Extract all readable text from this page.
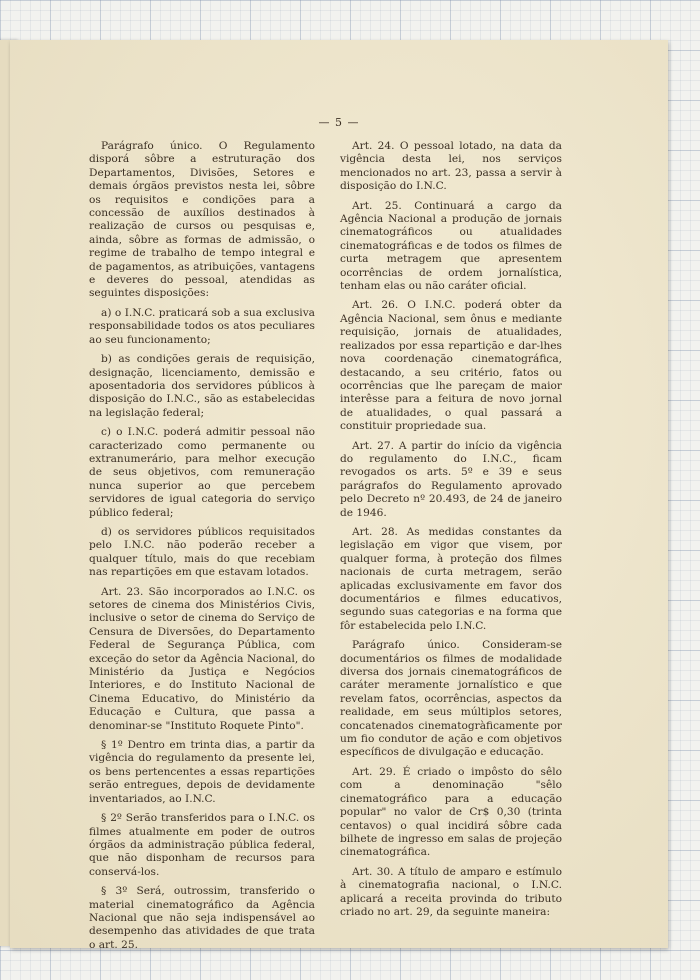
— 5 —

Parágrafo único. O Regulamento disporá sôbre a estruturação dos Departamentos, Divisões, Setores e demais órgãos previstos nesta lei, sôbre os requisitos e condições para a concessão de auxílios destinados à realização de cursos ou pesquisas e, ainda, sôbre as formas de admissão, o regime de trabalho de tempo integral e de pagamentos, as atribuições, vantagens e deveres do pessoal, atendidas as seguintes disposições:

a) o I.N.C. praticará sob a sua exclusiva responsabilidade todos os atos peculiares ao seu funcionamento;

b) as condições gerais de requisição, designação, licenciamento, demissão e aposentadoria dos servidores públicos à disposição do I.N.C., são as estabelecidas na legislação federal;

c) o I.N.C. poderá admitir pessoal não caracterizado como permanente ou extranumerário, para melhor execução de seus objetivos, com remuneração nunca superior ao que percebem servidores de igual categoria do serviço público federal;

d) os servidores públicos requisitados pelo I.N.C. não poderão receber a qualquer título, mais do que recebiam nas repartições em que estavam lotados.

Art. 23. São incorporados ao I.N.C. os setores de cinema dos Ministérios Civis, inclusive o setor de cinema do Serviço de Censura de Diversões, do Departamento Federal de Segurança Pública, com exceção do setor da Agência Nacional, do Ministério da Justiça e Negócios Interiores, e do Instituto Nacional de Cinema Educativo, do Ministério da Educação e Cultura, que passa a denominar-se "Instituto Roquete Pinto".

§ 1º Dentro em trinta dias, a partir da vigência do regulamento da presente lei, os bens pertencentes a essas repartições serão entregues, depois de devidamente inventariados, ao I.N.C.

§ 2º Serão transferidos para o I.N.C. os filmes atualmente em poder de outros órgãos da administração pública federal, que não disponham de recursos para conservá-los.

§ 3º Será, outrossim, transferido o material cinematográfico da Agência Nacional que não seja indispensável ao desempenho das atividades de que trata o art. 25.

Art. 24. O pessoal lotado, na data da vigência desta lei, nos serviços mencionados no art. 23, passa a servir à disposição do I.N.C.

Art. 25. Continuará a cargo da Agência Nacional a produção de jornais cinematográficos ou atualidades cinematográficas e de todos os filmes de curta metragem que apresentem ocorrências de ordem jornalística, tenham elas ou não caráter oficial.

Art. 26. O I.N.C. poderá obter da Agência Nacional, sem ônus e mediante requisição, jornais de atualidades, realizados por essa repartição e dar-lhes nova coordenação cinematográfica, destacando, a seu critério, fatos ou ocorrências que lhe pareçam de maior interêsse para a feitura de novo jornal de atualidades, o qual passará a constituir propriedade sua.

Art. 27. A partir do início da vigência do regulamento do I.N.C., ficam revogados os arts. 5º e 39 e seus parágrafos do Regulamento aprovado pelo Decreto nº 20.493, de 24 de janeiro de 1946.

Art. 28. As medidas constantes da legislação em vigor que visem, por qualquer forma, à proteção dos filmes nacionais de curta metragem, serão aplicadas exclusivamente em favor dos documentários e filmes educativos, segundo suas categorias e na forma que fôr estabelecida pelo I.N.C.

Parágrafo único. Consideram-se documentários os filmes de modalidade diversa dos jornais cinematográficos de caráter meramente jornalístico e que revelam fatos, ocorrências, aspectos da realidade, em seus múltiplos setores, concatenados cinematogràficamente por um fio condutor de ação e com objetivos específicos de divulgação e educação.

Art. 29. É criado o impôsto do sêlo com a denominação "sêlo cinematográfico para a educação popular" no valor de Cr$ 0,30 (trinta centavos) o qual incidirá sôbre cada bilhete de ingresso em salas de projeção cinematográfica.

Art. 30. A título de amparo e estímulo à cinematografia nacional, o I.N.C. aplicará a receita provinda do tributo criado no art. 29, da seguinte maneira:
